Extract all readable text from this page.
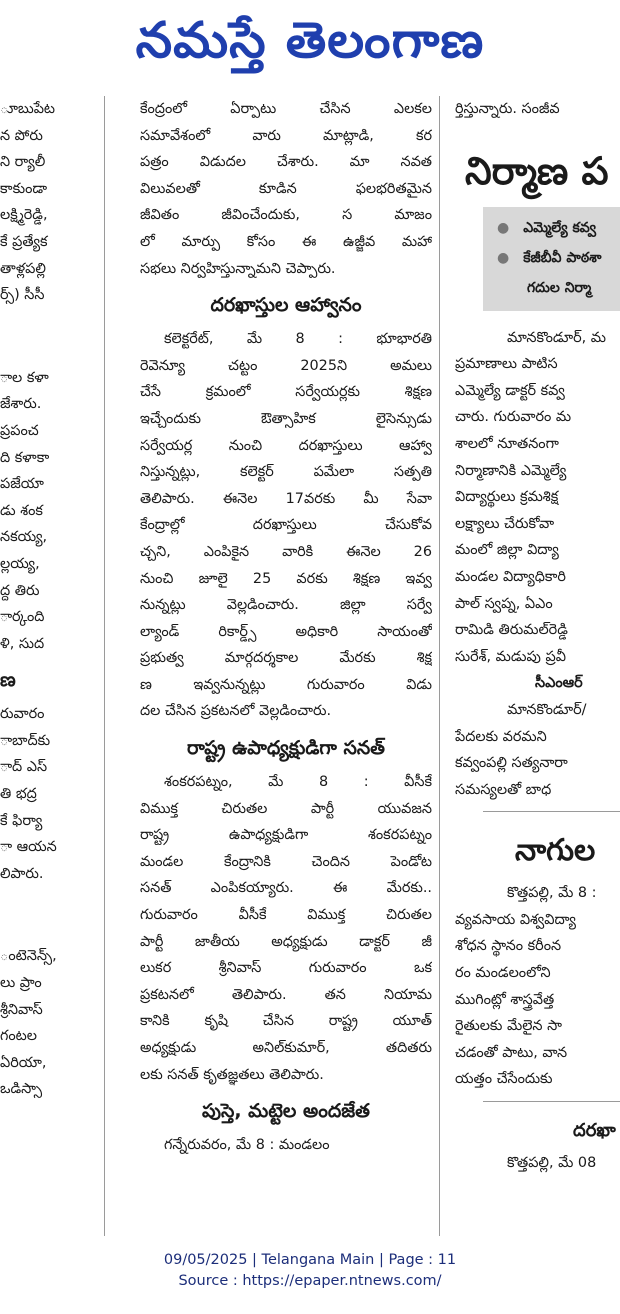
నమస్తే తెలంగాణ
ూబుపేట
న పోరు
ని ర్యాలీ
కాకుండా
లక్ష్మిరెడ్డి,
కే ప్రత్యేక
తాళ్లపల్లి
ర్స్) సీసీ
ాల కళా
జేశారు.
ప్రపంచ
ది కళాకా
పజేయా
డు శంక
నకయ్య,
ల్లయ్య,
ద్ద తిరు
ార్కంది
ళి, సుద
ణ
రువారం
ాబాద్‌కు
ాద్ ఎస్
తి భద్ర
కే ఫిర్యా
ా ఆయన
లిపారు.
ంటెనెన్స్,
లు ప్రాం
శ్రీనివాస్
గంటల
ఏరియా,
ఒడిస్సా
కేంద్రంలో ఏర్పాటు చేసిన ఎలకల
సమావేశంలో వారు మాట్లాడి, కర
పత్రం విడుదల చేశారు. మా నవత
విలువలతో కూడిన ఫలభరితమైన
జీవితం జీవించేందుకు, స మాజం
లో మార్పు కోసం ఈ ఉజ్జీవ మహా
సభలు నిర్వహిస్తున్నామని చెప్పారు.
దరఖాస్తుల ఆహ్వానం
కలెక్టరేట్, మే 8 : భూభారతి
రెవెన్యూ చట్టం 2025ని అమలు
చేసే క్రమంలో సర్వేయర్లకు శిక్షణ
ఇచ్చేందుకు ఔత్సాహిక లైసెన్సుడు
సర్వేయర్ల నుంచి దరఖాస్తులు ఆహ్వా
నిస్తున్నట్లు, కలెక్టర్ పమేలా సత్పతి
తెలిపారు. ఈనెల 17వరకు మీ సేవా
కేంద్రాల్లో దరఖాస్తులు చేసుకోవ
చ్చని, ఎంపికైన వారికి ఈనెల 26
నుంచి జూలై 25 వరకు శిక్షణ ఇవ్వ
నున్నట్లు వెల్లడించారు. జిల్లా సర్వే
ల్యాండ్ రికార్డ్స్ అధికారి సాయంతో
ప్రభుత్వ మార్గదర్శకాల మేరకు శిక్ష
ణ ఇవ్వనున్నట్లు గురువారం విడు
దల చేసిన ప్రకటనలో వెల్లడించారు.
రాష్ట్ర ఉపాధ్యక్షుడిగా సనత్
శంకరపట్నం, మే 8 : వీసీకే
విముక్త చిరుతల పార్టీ యువజన
రాష్ట్ర ఉపాధ్యక్షుడిగా శంకరపట్నం
మండల కేంద్రానికి చెందిన పెండోట
సనత్ ఎంపికయ్యారు. ఈ మేరకు..
గురువారం వీసీకే విముక్త చిరుతల
పార్టీ జాతీయ అధ్యక్షుడు డాక్టర్ జీ
లుకర శ్రీనివాస్ గురువారం ఒక
ప్రకటనలో తెలిపారు. తన నియామ
కానికి కృషి చేసిన రాష్ట్ర యూత్
అధ్యక్షుడు అనిల్‌కుమార్, తదితరు
లకు సనత్ కృతజ్ఞతలు తెలిపారు.
పుస్తె, మట్టెల అందజేత
గన్నేరువరం, మే 8 : మండలం
ర్తిస్తున్నారు. సంజీవ
నిర్మాణ ప
● ఎమ్మెల్యే కవ్వ
● కేజీబీవీ పాఠశా
గదుల నిర్మా
మానకొండూర్, మ
ప్రమాణాలు పాటిస
ఎమ్మెల్యే డాక్టర్ కవ్వ
చారు. గురువారం మ
శాలలో నూతనంగా
నిర్మాణానికి ఎమ్మెల్యే
విద్యార్థులు క్రమశిక్ష
లక్ష్యాలు చేరుకోవా
మంలో జిల్లా విద్యా
మండల విద్యాధికారి
పాల్ స్వప్న, ఏఎం
రామిడి తిరుమల్‌రెడ్డి
సురేశ్, మడుపు ప్రవీ
సీఎంఆర్
మానకొండూర్/
పేదలకు వరమని
కవ్వంపల్లి సత్యనారా
సమస్యలతో బాధ
నాగుల
కొత్తపల్లి, మే 8 :
వ్యవసాయ విశ్వవిద్యా
శోధన స్థానం కరీంన
రం మండలంలోని
ముగింట్లో శాస్త్రవేత్త
రైతులకు మేలైన సా
చడంతో పాటు, వాన
యత్తం చేసేందుకు
దరఖా
కొత్తపల్లి, మే 08
09/05/2025 | Telangana Main | Page : 11
Source : https://epaper.ntnews.com/
